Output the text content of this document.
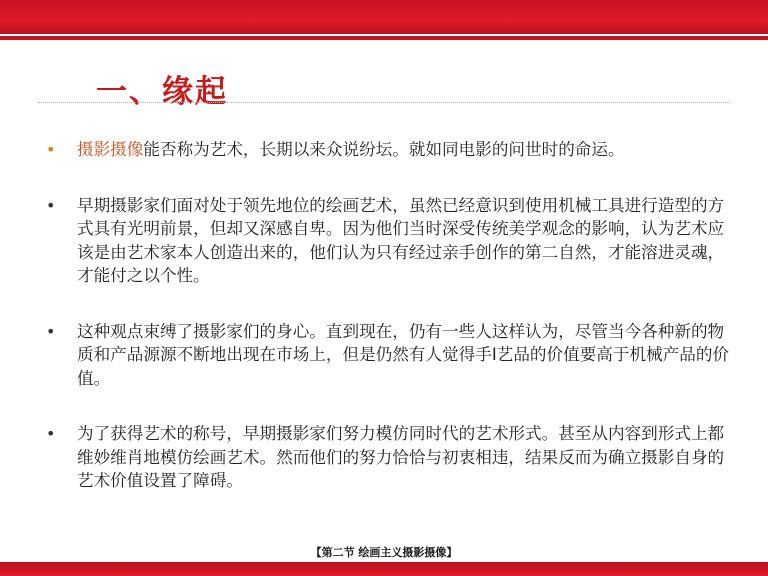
一、缘起
• 摄影摄像能否称为艺术，长期以来众说纷坛。就如同电影的问世时的命运。
• 早期摄影家们面对处于领先地位的绘画艺术，虽然已经意识到使用机械工具进行造型的方式具有光明前景，但却又深感自卑。因为他们当时深受传统美学观念的影响，认为艺术应该是由艺术家本人创造出来的，他们认为只有经过亲手创作的第二自然，才能溶进灵魂，才能付之以个性。
• 这种观点束缚了摄影家们的身心。直到现在，仍有一些人这样认为，尽管当今各种新的物质和产品源源不断地出现在市场上，但是仍然有人觉得手I艺品的价值要高于机械产品的价值。
• 为了获得艺术的称号，早期摄影家们努力模仿同时代的艺术形式。甚至从内容到形式上都维妙维肖地模仿绘画艺术。然而他们的努力恰恰与初衷相违，结果反而为确立摄影自身的艺术价值设置了障碍。
【第二节 绘画主义摄影摄像】
